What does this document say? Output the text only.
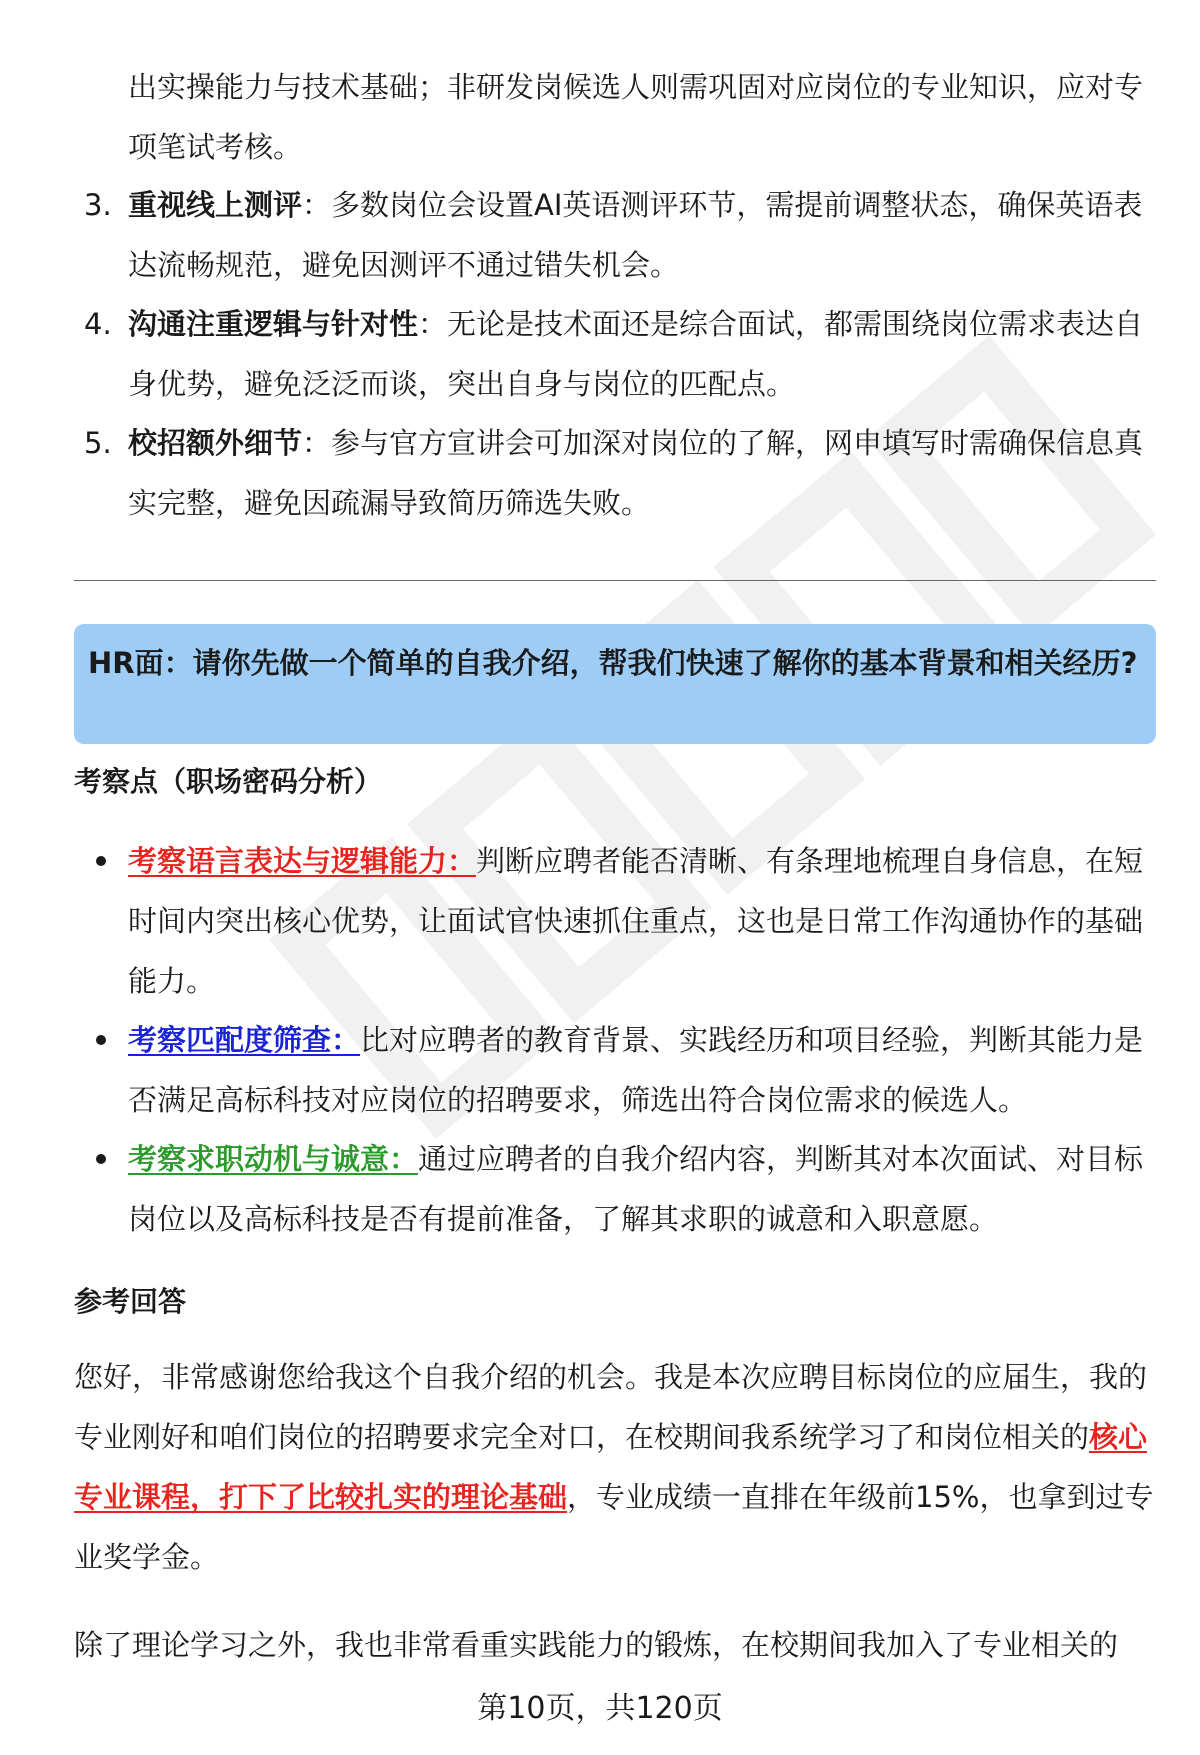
出实操能力与技术基础；非研发岗候选人则需巩固对应岗位的专业知识，应对专项笔试考核。
3. 重视线上测评：多数岗位会设置AI英语测评环节，需提前调整状态，确保英语表达流畅规范，避免因测评不通过错失机会。
4. 沟通注重逻辑与针对性：无论是技术面还是综合面试，都需围绕岗位需求表达自身优势，避免泛泛而谈，突出自身与岗位的匹配点。
5. 校招额外细节：参与官方宣讲会可加深对岗位的了解，网申填写时需确保信息真实完整，避免因疏漏导致简历筛选失败。
HR面：请你先做一个简单的自我介绍，帮我们快速了解你的基本背景和相关经历?
考察点（职场密码分析）
考察语言表达与逻辑能力：判断应聘者能否清晰、有条理地梳理自身信息，在短时间内突出核心优势，让面试官快速抓住重点，这也是日常工作沟通协作的基础能力。
考察匹配度筛查：比对应聘者的教育背景、实践经历和项目经验，判断其能力是否满足高标科技对应岗位的招聘要求，筛选出符合岗位需求的候选人。
考察求职动机与诚意：通过应聘者的自我介绍内容，判断其对本次面试、对目标岗位以及高标科技是否有提前准备，了解其求职的诚意和入职意愿。
参考回答

您好，非常感谢您给我这个自我介绍的机会。我是本次应聘目标岗位的应届生，我的专业刚好和咱们岗位的招聘要求完全对口，在校期间我系统学习了和岗位相关的核心专业课程，打下了比较扎实的理论基础，专业成绩一直排在年级前15%，也拿到过专业奖学金。

除了理论学习之外，我也非常看重实践能力的锻炼，在校期间我加入了专业相关的

第10页，共120页
